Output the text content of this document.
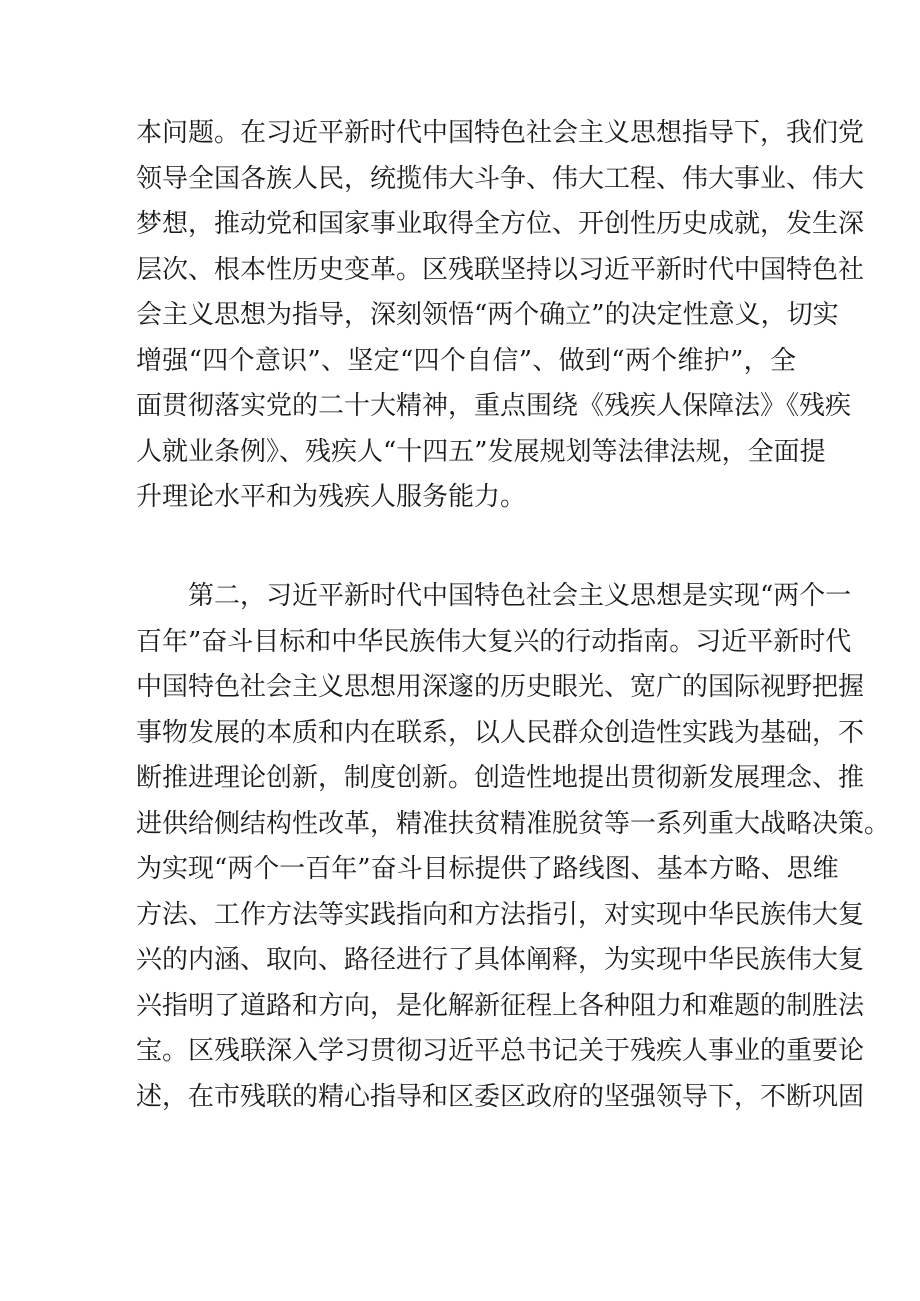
本问题。在习近平新时代中国特色社会主义思想指导下，我们党
领导全国各族人民，统揽伟大斗争、伟大工程、伟大事业、伟大
梦想，推动党和国家事业取得全方位、开创性历史成就，发生深
层次、根本性历史变革。区残联坚持以习近平新时代中国特色社
会主义思想为指导，深刻领悟“两个确立”的决定性意义，切实
增强“四个意识”、坚定“四个自信”、做到“两个维护”，全
面贯彻落实党的二十大精神，重点围绕《残疾人保障法》《残疾
人就业条例》、残疾人“十四五”发展规划等法律法规，全面提
升理论水平和为残疾人服务能力。
　　第二，习近平新时代中国特色社会主义思想是实现“两个一
百年”奋斗目标和中华民族伟大复兴的行动指南。习近平新时代
中国特色社会主义思想用深邃的历史眼光、宽广的国际视野把握
事物发展的本质和内在联系，以人民群众创造性实践为基础，不
断推进理论创新，制度创新。创造性地提出贯彻新发展理念、推
进供给侧结构性改革，精准扶贫精准脱贫等一系列重大战略决策。
为实现“两个一百年”奋斗目标提供了路线图、基本方略、思维
方法、工作方法等实践指向和方法指引，对实现中华民族伟大复
兴的内涵、取向、路径进行了具体阐释，为实现中华民族伟大复
兴指明了道路和方向，是化解新征程上各种阻力和难题的制胜法
宝。区残联深入学习贯彻习近平总书记关于残疾人事业的重要论
述，在市残联的精心指导和区委区政府的坚强领导下，不断巩固
